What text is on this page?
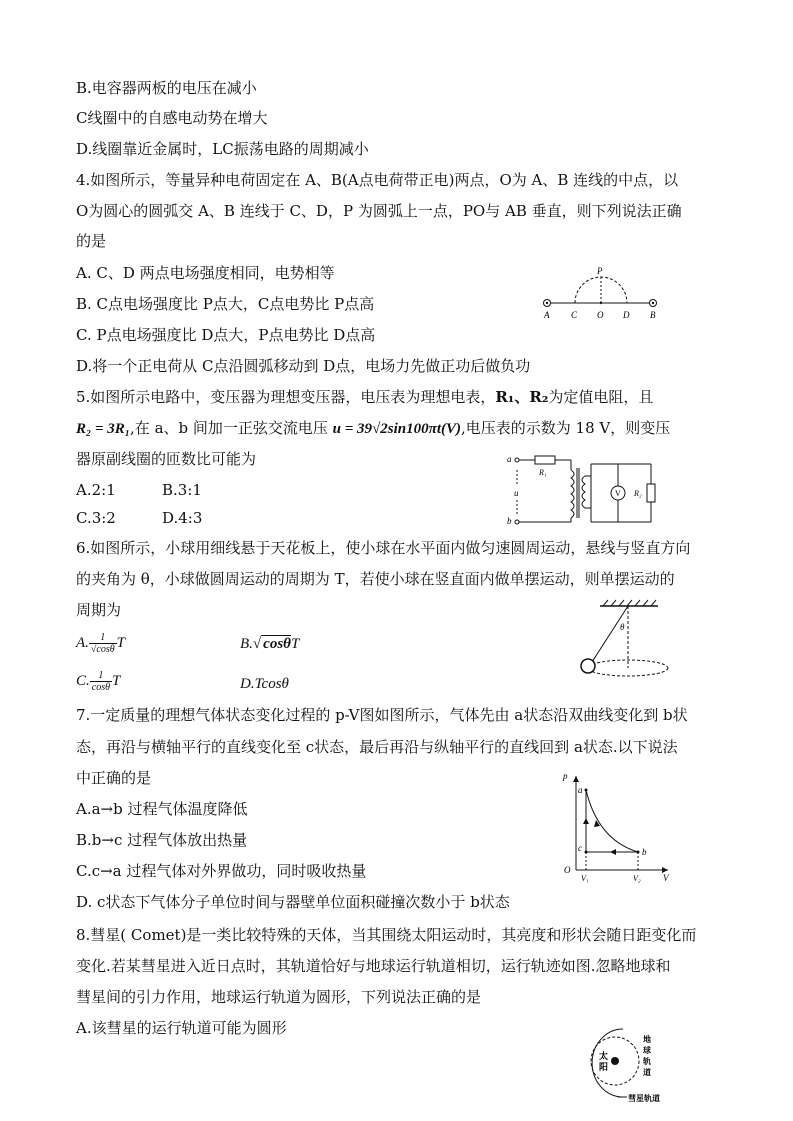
B.电容器两板的电压在减小
C线圈中的自感电动势在增大
D.线圈靠近金属时，LC振荡电路的周期减小
4.如图所示，等量异种电荷固定在 A、B(A点电荷带正电)两点，O为 A、B 连线的中点，以
O为圆心的圆弧交 A、B 连线于 C、D，P 为圆弧上一点，PO与 AB 垂直，则下列说法正确
的是
A. C、D 两点电场强度相同，电势相等
B. C点电场强度比 P点大，C点电势比 P点高
C. P点电场强度比 D点大，P点电势比 D点高
D.将一个正电荷从 C点沿圆弧移动到 D点，电场力先做正功后做负功
P
A C O D B
5.如图所示电路中，变压器为理想变压器，电压表为理想电表，R₁、R₂为定值电阻，且
R₂ = 3R₁,在 a、b 间加一正弦交流电压 u = 39√2sin100πt(V),电压表的示数为 18 V，则变压
器原副线圈的匝数比可能为
A.2:1	B.3:1
C.3:2	D.4:3
a
b
u
R₁
V R₂
6.如图所示，小球用细线悬于天花板上，使小球在水平面内做匀速圆周运动，悬线与竖直方向
的夹角为 θ，小球做圆周运动的周期为 T，若使小球在竖直面内做单摆运动，则单摆运动的
周期为
A. $\frac{1}{√\cos\theta}$ T	B.√ cosθT
C. $\frac{1}{\cos\theta}$ T	D.Tcosθ
θ
7.一定质量的理想气体状态变化过程的 p-V图如图所示，气体先由 a状态沿双曲线变化到 b状
态，再沿与横轴平行的直线变化至 c状态，最后再沿与纵轴平行的直线回到 a状态.以下说法
中正确的是
A.a→b 过程气体温度降低
B.b→c 过程气体放出热量
C.c→a 过程气体对外界做功，同时吸收热量
D. c状态下气体分子单位时间与器壁单位面积碰撞次数小于 b状态
p
V
O
a
b
c
V₁	V₂
8.彗星( Comet)是一类比较特殊的天体，当其围绕太阳运动时，其亮度和形状会随日距变化而
变化.若某彗星进入近日点时，其轨道恰好与地球运行轨道相切，运行轨迹如图.忽略地球和
彗星间的引力作用，地球运行轨道为圆形，下列说法正确的是
A.该彗星的运行轨道可能为圆形
太
阳
地
球
轨
道
彗星轨道
